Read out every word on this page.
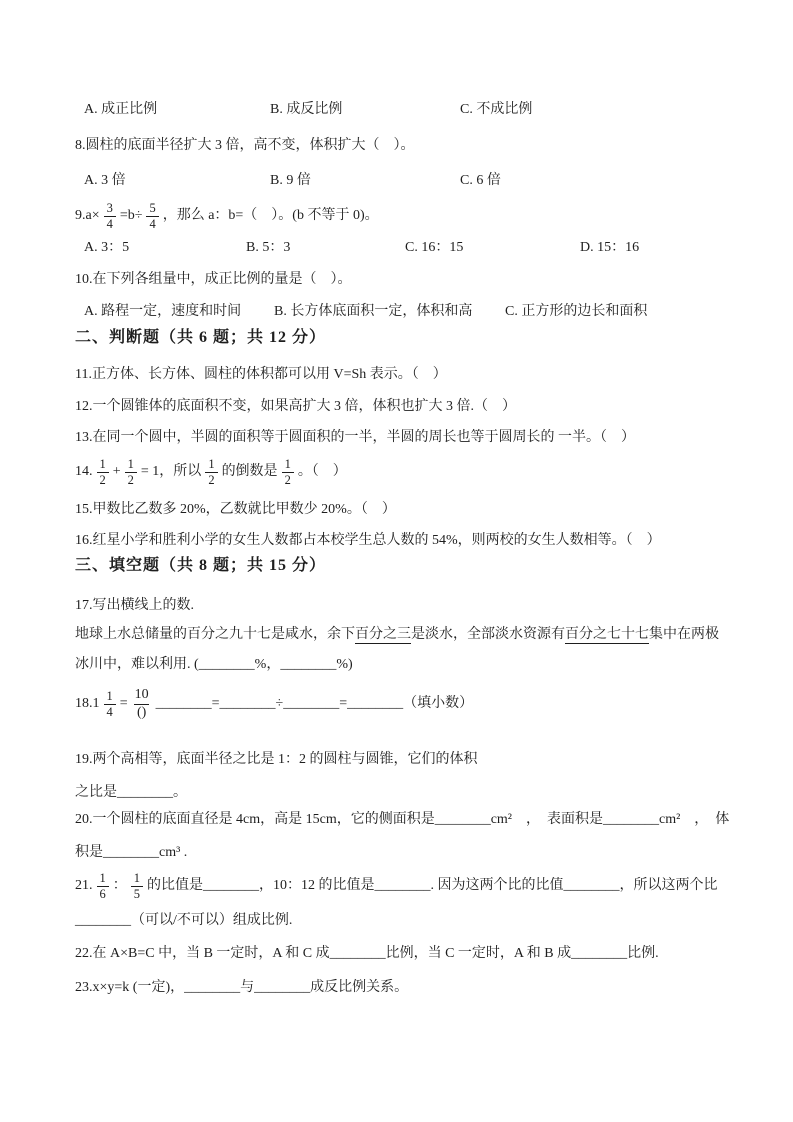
A. 成正比例	B. 成反比例	C. 不成比例
8.圆柱的底面半径扩大 3 倍，高不变，体积扩大（　）。
A. 3 倍	B. 9 倍	C. 6 倍
$9.a\times \frac{3}{4} =b\div \frac{5}{4}$ ，那么 a：b=（　）。(b 不等于 0)。
A. 3：5	B. 5：3	C. 16：15	D. 15：16
10.在下列各组量中，成正比例的量是（　）。
A. 路程一定，速度和时间 B. 长方体底面积一定，体积和高 C. 正方形的边长和面积
二、判断题（共 6 题；共 12 分）
11.正方体、长方体、圆柱的体积都可以用 V=Sh 表示。（　）
12.一个圆锥体的底面积不变，如果高扩大 3 倍，体积也扩大 3 倍.（　）
13.在同一个圆中，半圆的面积等于圆面积的一半，半圆的周长也等于圆周长的 一半。（　）
14. $\frac{1}{2} + \frac{1}{2} = 1$，所以 $\frac{1}{2}$ 的倒数是 $\frac{1}{2}$ 。（　）
15.甲数比乙数多 20%，乙数就比甲数少 20%。（　）
16.红星小学和胜利小学的女生人数都占本校学生总人数的 54%，则两校的女生人数相等。（　）
三、填空题（共 8 题；共 15 分）
17.写出横线上的数.
地球上水总储量的百分之九十七是咸水，余下百分之三是淡水，全部淡水资源有百分之七十七集中在两极
冰川中，难以利用. (________%，________%)
$18.1 \frac{1}{4} = \frac{10}{()}$ ________=________÷________=________（填小数）
19.两个高相等，底面半径之比是 1：2 的圆柱与圆锥，它们的体积
之比是________。
20.一个圆柱的底面直径是 4cm，高是 15cm，它的侧面积是________cm²　，　表面积是________cm²　，　体
积是________cm³ .
21. $\frac{1}{6}$ ： $\frac{1}{5}$ 的比值是________，10：12 的比值是________. 因为这两个比的比值________，所以这两个比
________（可以/不可以）组成比例.
22.在 A×B=C 中，当 B 一定时，A 和 C 成________比例，当 C 一定时，A 和 B 成________比例.
23.x×y=k (一定)，________与________成反比例关系。
